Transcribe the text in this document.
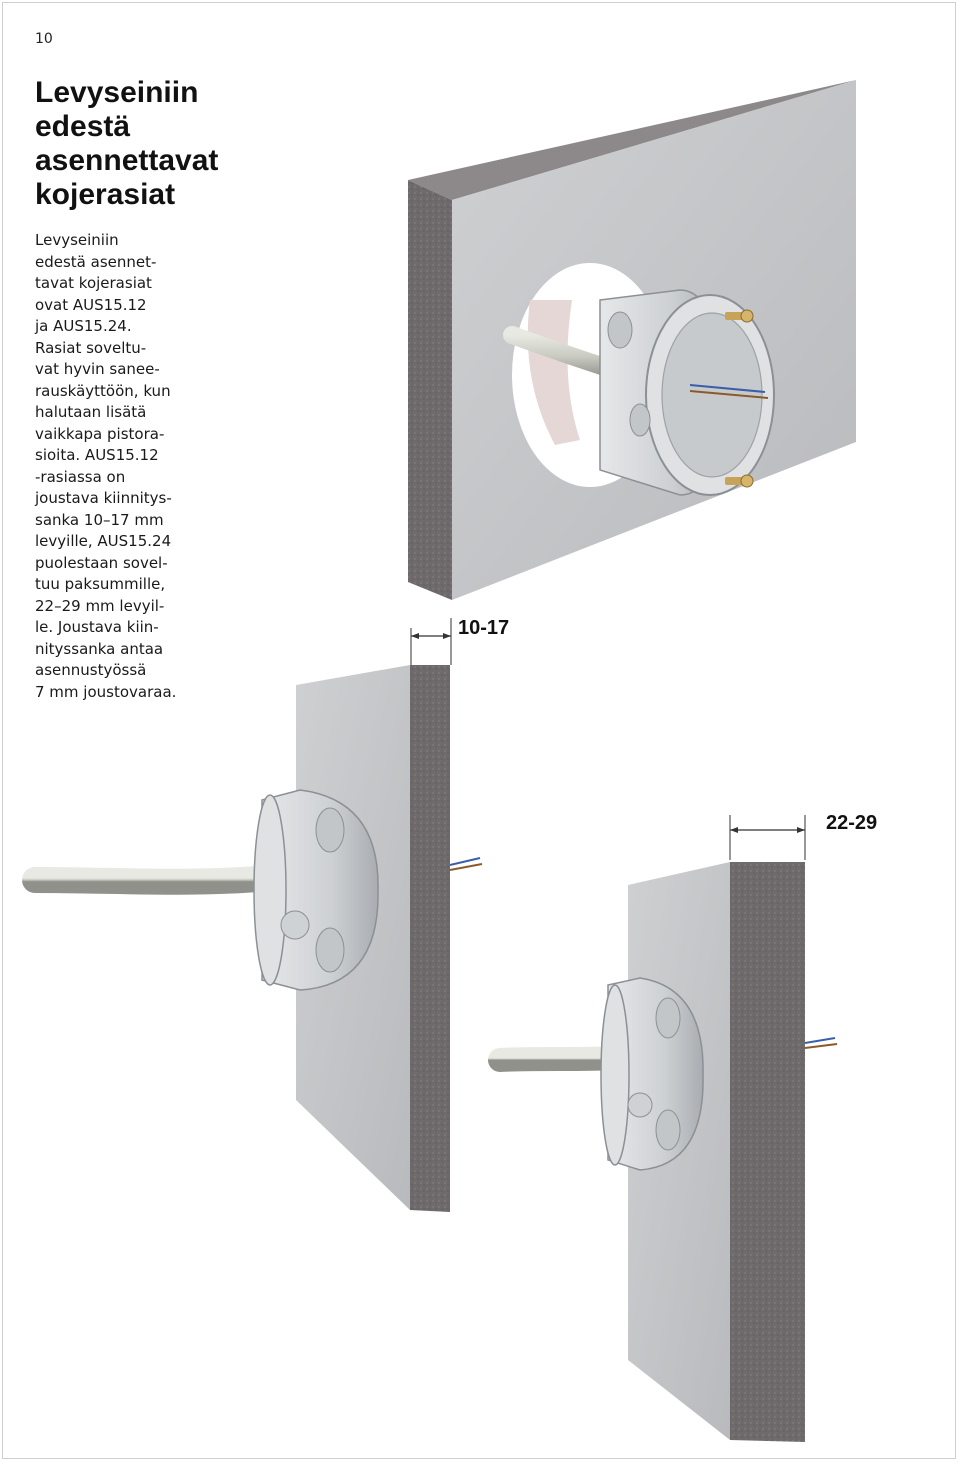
10
Levyseiniin
edestä
asennettavat
kojerasiat
Levyseiniin
edestä asennet-
tavat kojerasiat
ovat AUS15.12
ja AUS15.24.
Rasiat soveltu-
vat hyvin saneе-
rauskäyttöön, kun
halutaan lisätä
vaikkapa pistora-
sioita. AUS15.12
-rasiassa on
joustava kiinnitys-
sanka 10–17 mm
levyille, AUS15.24
puolestaan sovel-
tuu paksummille,
22–29 mm levyil-
le. Joustava kiin-
nityssanka antaa
asennustyössä
7 mm joustovaraa.
10-17
22-29
